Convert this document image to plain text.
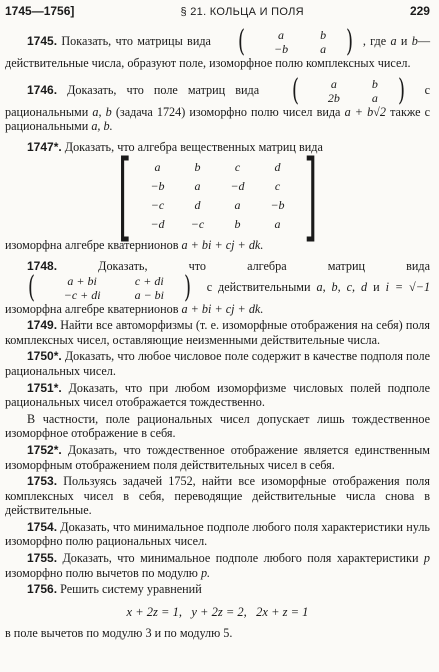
1745—1756]	§ 21. КОЛЬЦА И ПОЛЯ	229
1745. Показать, что матрицы вида (	a	b
−b	a ) , где a и b— действительные числа, образуют поле, изоморфное полю комплексных чисел.
1746. Доказать, что поле матриц вида	(	a	b
2b	a ) с рациональными a, b (задача 1724) изоморфно полю чисел вида a + b√2 также с рациональными a, b.
1747*. Доказать, что алгебра вещественных матриц вида
[	a	b	c	d
−b	a	−d	c
−c	d	a	−b
−d	−c	b	a ]
изоморфна алгебре кватернионов a + bi + cj + dk.
1748.	Доказать, что алгебра матриц вида
(	a + bi	c + di
−c + di	a − bi ) с действительными a, b, c, d и i = √−1 изоморфна алгебре кватернионов a + bi + cj + dk.
1749. Найти все автоморфизмы (т. е. изоморфные отображения на себя) поля комплексных чисел, оставляющие неизменными действительные числа.
1750*. Доказать, что любое числовое поле содержит в качестве подполя поле рациональных чисел.
1751*. Доказать, что при любом изоморфизме числовых полей подполе рациональных чисел отображается тождественно.
В частности, поле рациональных чисел допускает лишь тождественное изоморфное отображение в себя.
1752*. Доказать, что тождественное отображение является единственным изоморфным отображением поля действительных чисел в себя.
1753. Пользуясь задачей 1752, найти все изоморфные отображения поля комплексных чисел в себя, переводящие действительные числа снова в действительные.
1754. Доказать, что минимальное подполе любого поля характеристики нуль изоморфно полю рациональных чисел.
1755. Доказать, что минимальное подполе любого поля характеристики p изоморфно полю вычетов по модулю p.
1756. Решить систему уравнений
x + 2z = 1, y + 2z = 2, 2x + z = 1
в поле вычетов по модулю 3 и по модулю 5.
